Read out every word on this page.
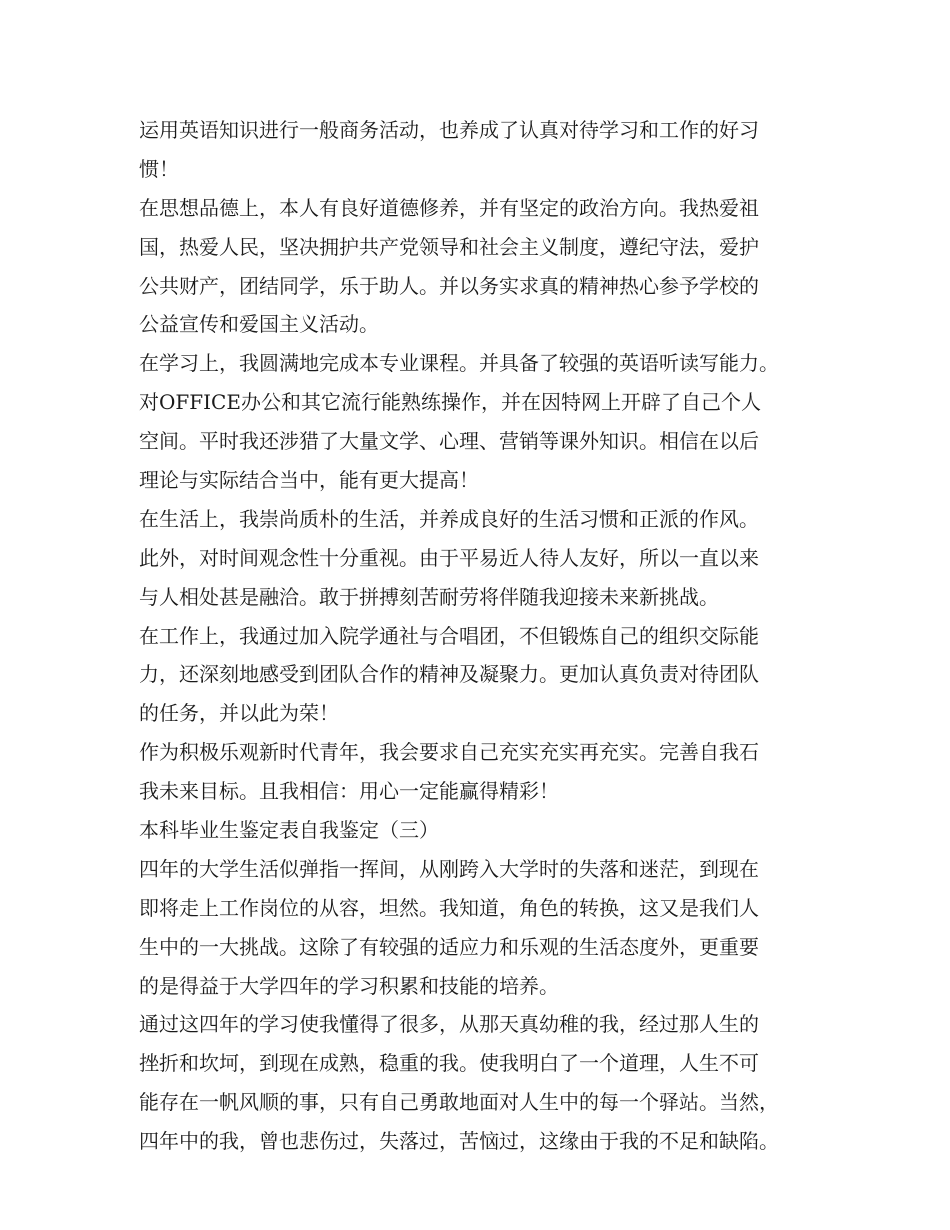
运用英语知识进行一般商务活动，也养成了认真对待学习和工作的好习
惯！
在思想品德上，本人有良好道德修养，并有坚定的政治方向。我热爱祖
国，热爱人民，坚决拥护共产党领导和社会主义制度，遵纪守法，爱护
公共财产，团结同学，乐于助人。并以务实求真的精神热心参予学校的
公益宣传和爱国主义活动。
在学习上，我圆满地完成本专业课程。并具备了较强的英语听读写能力。
对OFFICE办公和其它流行能熟练操作，并在因特网上开辟了自己个人
空间。平时我还涉猎了大量文学、心理、营销等课外知识。相信在以后
理论与实际结合当中，能有更大提高！
在生活上，我崇尚质朴的生活，并养成良好的生活习惯和正派的作风。
此外，对时间观念性十分重视。由于平易近人待人友好，所以一直以来
与人相处甚是融洽。敢于拼搏刻苦耐劳将伴随我迎接未来新挑战。
在工作上，我通过加入院学通社与合唱团，不但锻炼自己的组织交际能
力，还深刻地感受到团队合作的精神及凝聚力。更加认真负责对待团队
的任务，并以此为荣！
作为积极乐观新时代青年，我会要求自己充实充实再充实。完善自我石
我未来目标。且我相信：用心一定能赢得精彩！
本科毕业生鉴定表自我鉴定（三）
四年的大学生活似弹指一挥间，从刚跨入大学时的失落和迷茫，到现在
即将走上工作岗位的从容，坦然。我知道，角色的转换，这又是我们人
生中的一大挑战。这除了有较强的适应力和乐观的生活态度外，更重要
的是得益于大学四年的学习积累和技能的培养。
通过这四年的学习使我懂得了很多，从那天真幼稚的我，经过那人生的
挫折和坎坷，到现在成熟，稳重的我。使我明白了一个道理，人生不可
能存在一帆风顺的事，只有自己勇敢地面对人生中的每一个驿站。当然，
四年中的我，曾也悲伤过，失落过，苦恼过，这缘由于我的不足和缺陷。
